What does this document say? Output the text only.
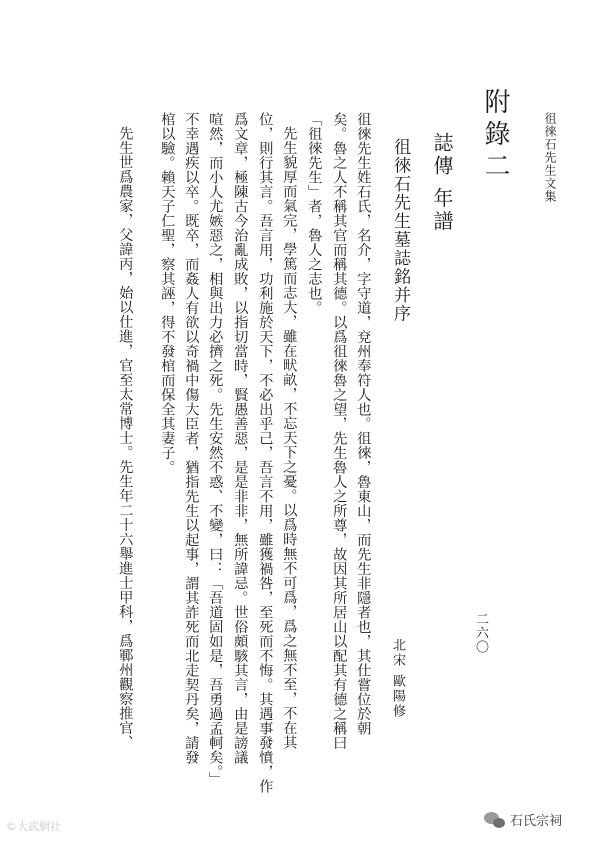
徂徠石先生文集
附錄二
誌傳 年譜
徂徠石先生墓誌銘并序
北宋 歐陽修
二六〇
徂徠先生姓石氏，名介，字守道，兗州奉符人也。徂徠，魯東山，而先生非隱者也，其仕嘗位於朝
矣。魯之人不稱其官而稱其德。以爲徂徠魯之望，先生魯人之所尊，故因其所居山以配其有德之稱曰
「徂徠先生」者，魯人之志也。
先生貌厚而氣完，學篤而志大，雖在畎畝，不忘天下之憂。以爲時無不可爲，爲之無不至，不在其
位，則行其言。吾言用，功利施於天下，不必出乎己，吾言不用，雖獲禍咎，至死而不悔。其遇事發憤，作
爲文章，極陳古今治亂成敗，以指切當時，賢愚善惡，是是非非，無所諱忌。世俗頗駭其言，由是謗議
喧然，而小人尤嫉惡之，相與出力必擠之死。先生安然不惑、不變，曰：「吾道固如是，吾勇過孟軻矣。」
不幸遇疾以卒。既卒，而姦人有欲以奇禍中傷大臣者，猶指先生以起事，謂其詐死而北走契丹矣，請發
棺以驗。賴天子仁聖，察其誣，得不發棺而保全其妻子。
先生世爲農家，父諱丙，始以仕進，官至太常博士。先生年二十六舉進士甲科，爲鄆州觀察推官、
©大武網社	石氏宗祠
